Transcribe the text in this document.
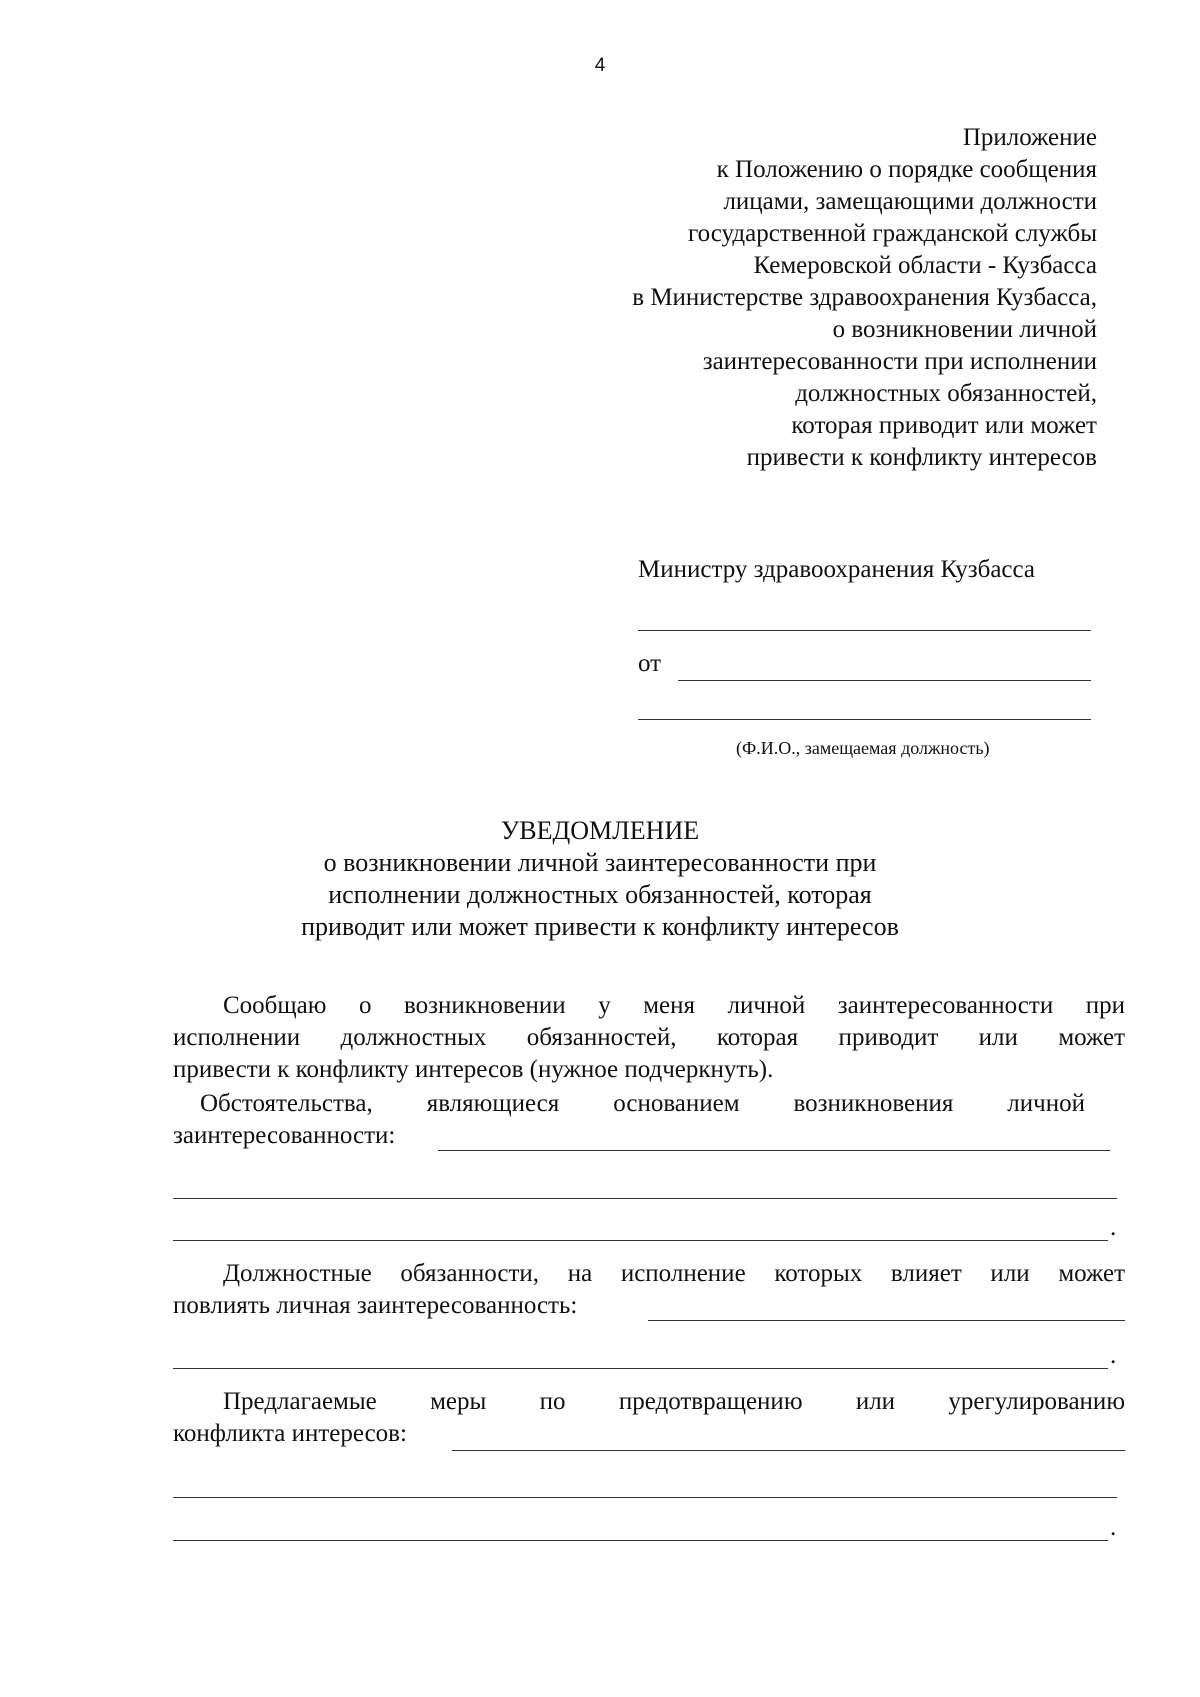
4
Приложение
к Положению о порядке сообщения
лицами, замещающими должности
государственной гражданской службы
Кемеровской области - Кузбасса
в Министерстве здравоохранения Кузбасса,
о возникновении личной
заинтересованности при исполнении
должностных обязанностей,
которая приводит или может
привести к конфликту интересов
Министру здравоохранения Кузбасса
от
(Ф.И.О., замещаемая должность)
УВЕДОМЛЕНИЕ
о возникновении личной заинтересованности при
исполнении должностных обязанностей, которая
приводит или может привести к конфликту интересов
Сообщаю о возникновении у меня личной заинтересованности при
исполнении должностных обязанностей, которая приводит или может
привести к конфликту интересов (нужное подчеркнуть).
Обстоятельства, являющиеся основанием возникновения личной
заинтересованности:
.
Должностные обязанности, на исполнение которых влияет или может
повлиять личная заинтересованность:
.
Предлагаемые меры по предотвращению или урегулированию
конфликта интересов:
.
